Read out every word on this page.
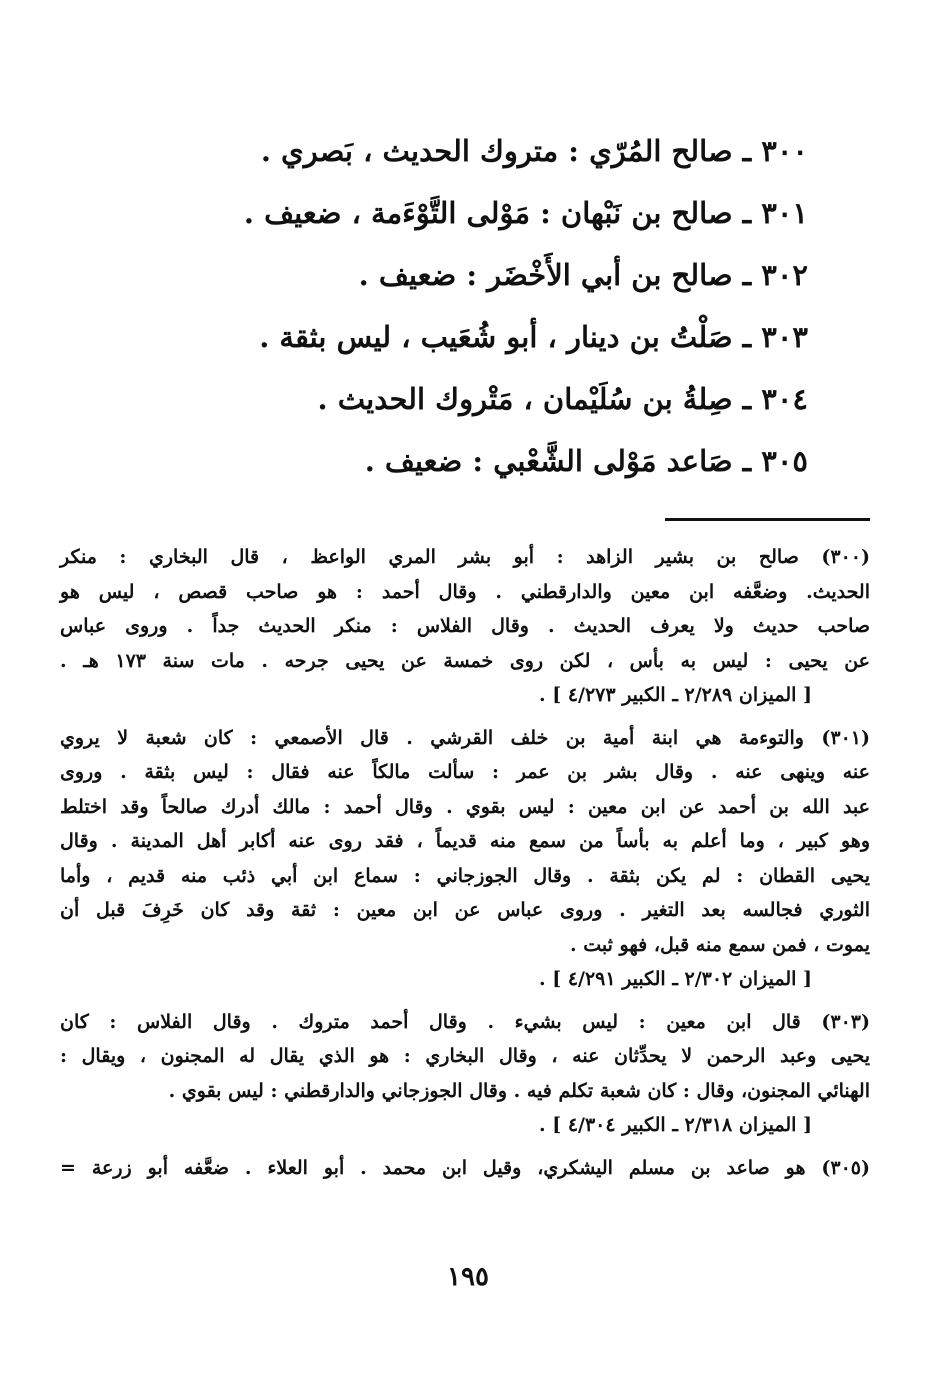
٣٠٠ ـ صالح المُرّي : متروك الحديث ، بَصري .
٣٠١ ـ صالح بن نَبْهان : مَوْلى التَّوْءَمة ، ضعيف .
٣٠٢ ـ صالح بن أبي الأَخْضَر : ضعيف .
٣٠٣ ـ صَلْتُ بن دينار ، أبو شُعَيب ، ليس بثقة .
٣٠٤ ـ صِلةُ بن سُلَيْمان ، مَتْروك الحديث .
٣٠٥ ـ صَاعد مَوْلى الشَّعْبي : ضعيف .
(٣٠٠) صالح بن بشير الزاهد : أبو بشر المري الواعظ ، قال البخاري : منكر
الحديث. وضعَّفه ابن معين والدارقطني . وقال أحمد : هو صاحب قصص ، ليس هو
صاحب حديث ولا يعرف الحديث . وقال الفلاس : منكر الحديث جداً . وروى عباس
عن يحيى : ليس به بأس ، لكن روى خمسة عن يحيى جرحه . مات سنة ١٧٣ هـ .
[ الميزان ٢/٢٨٩ ـ الكبير ٤/٢٧٣ ] .
(٣٠١) والتوءمة هي ابنة أمية بن خلف القرشي . قال الأصمعي : كان شعبة لا يروي
عنه وينهى عنه . وقال بشر بن عمر : سألت مالكاً عنه فقال : ليس بثقة . وروى
عبد الله بن أحمد عن ابن معين : ليس بقوي . وقال أحمد : مالك أدرك صالحاً وقد اختلط
وهو كبير ، وما أعلم به بأساً من سمع منه قديماً ، فقد روى عنه أكابر أهل المدينة . وقال
يحيى القطان : لم يكن بثقة . وقال الجوزجاني : سماع ابن أبي ذئب منه قديم ، وأما
الثوري فجالسه بعد التغير . وروى عباس عن ابن معين : ثقة وقد كان خَرِفَ قبل أن
يموت ، فمن سمع منه قبل، فهو ثبت .
[ الميزان ٢/٣٠٢ ـ الكبير ٤/٢٩١ ] .
(٣٠٣) قال ابن معين : ليس بشيء . وقال أحمد متروك . وقال الفلاس : كان
يحيى وعبد الرحمن لا يحدِّثان عنه ، وقال البخاري : هو الذي يقال له المجنون ، ويقال :
الهنائي المجنون، وقال : كان شعبة تكلم فيه . وقال الجوزجاني والدارقطني : ليس بقوي .
[ الميزان ٢/٣١٨ ـ الكبير ٤/٣٠٤ ] .
(٣٠٥) هو صاعد بن مسلم اليشكري، وقيل ابن محمد . أبو العلاء . ضعَّفه أبو زرعة =
١٩٥
